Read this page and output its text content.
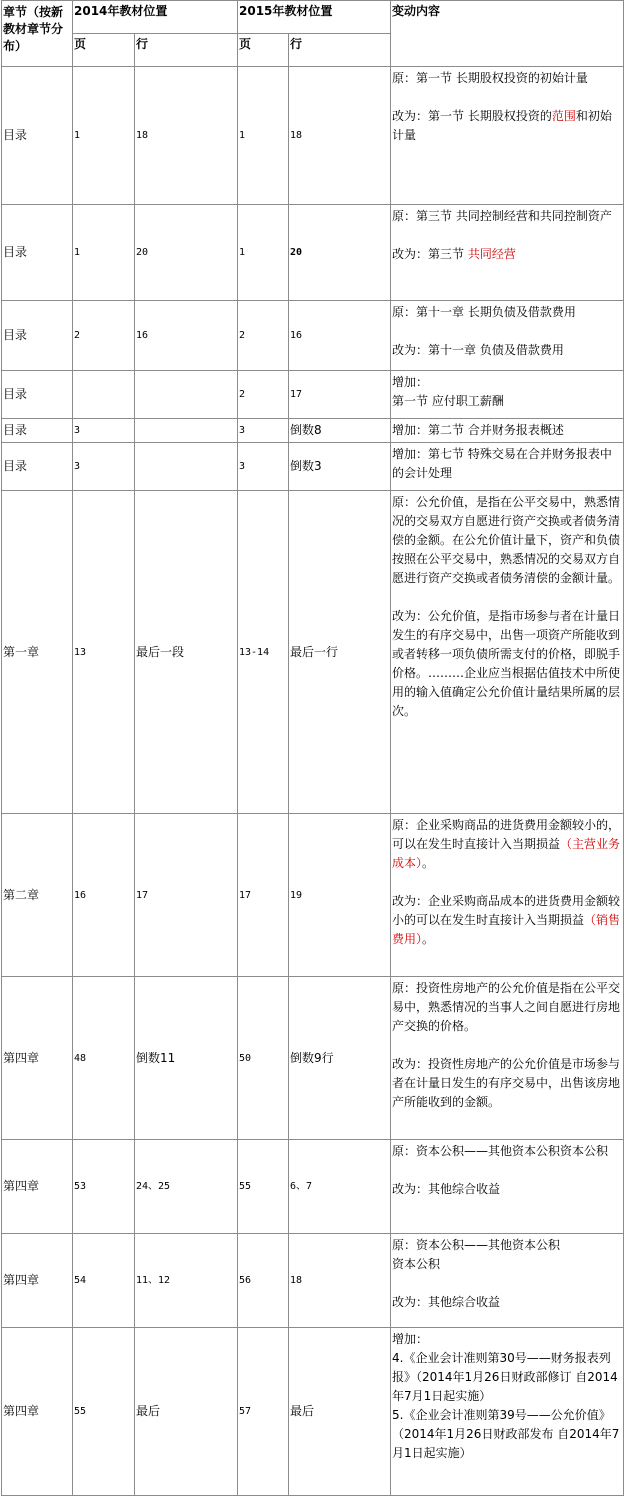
章节（按新教材章节分布）	2014年教材位置		2015年教材位置		变动内容
	页	行	页	行	
目录	1	18	1	18	原：第一节 长期股权投资的初始计量

改为：第一节 长期股权投资的范围和初始计量

目录	1	20	1	20	原：第三节 共同控制经营和共同控制资产

改为：第三节 共同经营

目录	2	16	2	16	原：第十一章 长期负债及借款费用

改为：第十一章 负债及借款费用

目录			2	17	增加：

第一节 应付职工薪酬

目录	3		3	倒数8	增加：第二节 合并财务报表概述
目录	3		3	倒数3	增加：第七节 特殊交易在合并财务报表中的会计处理
第一章	13	最后一段	13-14	最后一行	原：公允价值，是指在公平交易中，熟悉情况的交易双方自愿进行资产交换或者债务清偿的金额。在公允价值计量下，资产和负债按照在公平交易中，熟悉情况的交易双方自愿进行资产交换或者债务清偿的金额计量。

改为：公允价值，是指市场参与者在计量日发生的有序交易中，出售一项资产所能收到或者转移一项负债所需支付的价格，即脱手价格。………企业应当根据估值技术中所使用的输入值确定公允价值计量结果所属的层次。

第二章	16	17	17	19	原：企业采购商品的进货费用金额较小的，可以在发生时直接计入当期损益（主营业务成本）。

改为：企业采购商品成本的进货费用金额较小的可以在发生时直接计入当期损益（销售费用）。

第四章	48	倒数11	50	倒数9行	原：投资性房地产的公允价值是指在公平交易中，熟悉情况的当事人之间自愿进行房地产交换的价格。

改为：投资性房地产的公允价值是市场参与者在计量日发生的有序交易中，出售该房地产所能收到的金额。

第四章	53	24、25	55	6、7	原：资本公积——其他资本公积资本公积

改为：其他综合收益

第四章	54	11、12	56	18	原：资本公积——其他资本公积

资本公积

改为：其他综合收益

第四章	55	最后	57	最后	增加：

4.《企业会计准则第30号——财务报表列报》（2014年1月26日财政部修订 自2014年7月1日起实施）

5.《企业会计准则第39号——公允价值》（2014年1月26日财政部发布 自2014年7月1日起实施）
